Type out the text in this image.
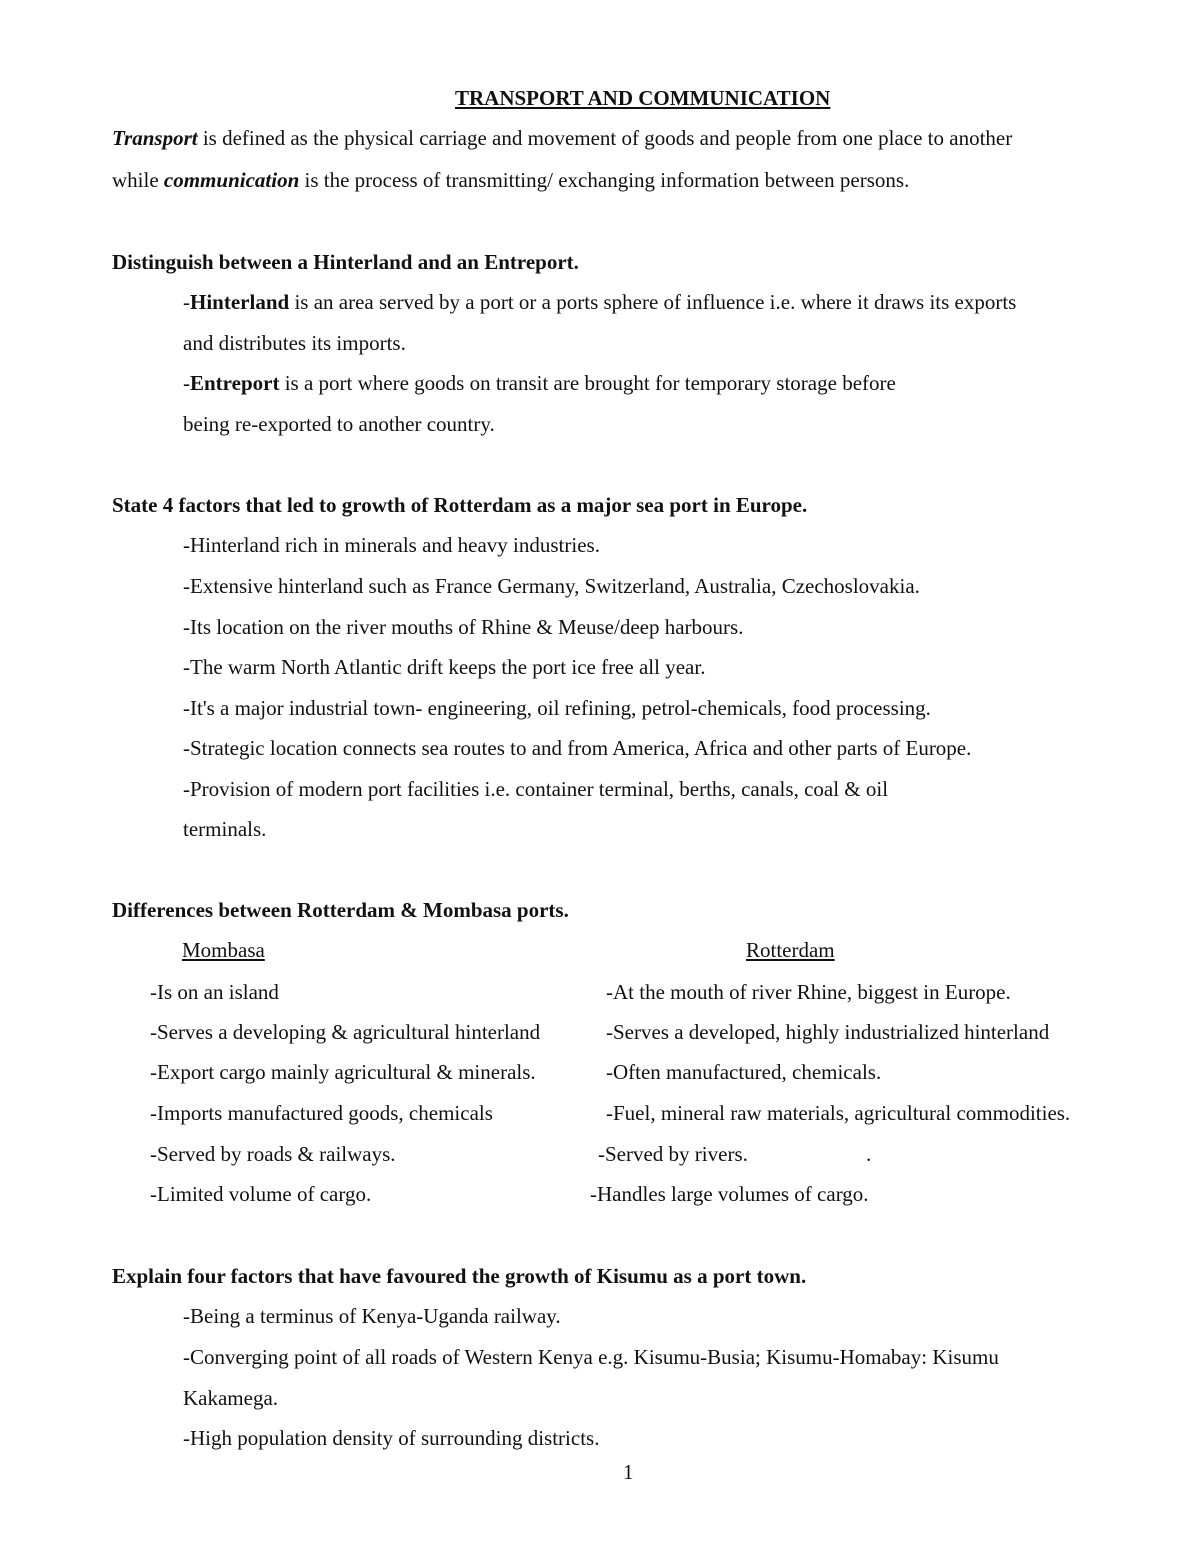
TRANSPORT AND COMMUNICATION
Transport is defined as the physical carriage and movement of goods and people from one place to another
while communication is the process of transmitting/ exchanging information between persons.
Distinguish between a Hinterland and an Entreport.
-Hinterland is an area served by a port or a ports sphere of influence i.e. where it draws its exports
and distributes its imports.
-Entreport is a port where goods on transit are brought for temporary storage before
being re-exported to another country.
State 4 factors that led to growth of Rotterdam as a major sea port in Europe.
-Hinterland rich in minerals and heavy industries.
-Extensive hinterland such as France Germany, Switzerland, Australia, Czechoslovakia.
-Its location on the river mouths of Rhine & Meuse/deep harbours.
-The warm North Atlantic drift keeps the port ice free all year.
-It's a major industrial town- engineering, oil refining, petrol-chemicals, food processing.
-Strategic location connects sea routes to and from America, Africa and other parts of Europe.
-Provision of modern port facilities i.e. container terminal, berths, canals, coal & oil
terminals.
Differences between Rotterdam & Mombasa ports.
Mombasa	Rotterdam
-Is on an island	-At the mouth of river Rhine, biggest in Europe.
-Serves a developing & agricultural hinterland	-Serves a developed, highly industrialized hinterland
-Export cargo mainly agricultural & minerals.	-Often manufactured, chemicals.
-Imports manufactured goods, chemicals	-Fuel, mineral raw materials, agricultural commodities.
-Served by roads & railways.	-Served by rivers.	.
-Limited volume of cargo.	-Handles large volumes of cargo.
Explain four factors that have favoured the growth of Kisumu as a port town.
-Being a terminus of Kenya-Uganda railway.
-Converging point of all roads of Western Kenya e.g. Kisumu-Busia; Kisumu-Homabay: Kisumu
Kakamega.
-High population density of surrounding districts.
1
